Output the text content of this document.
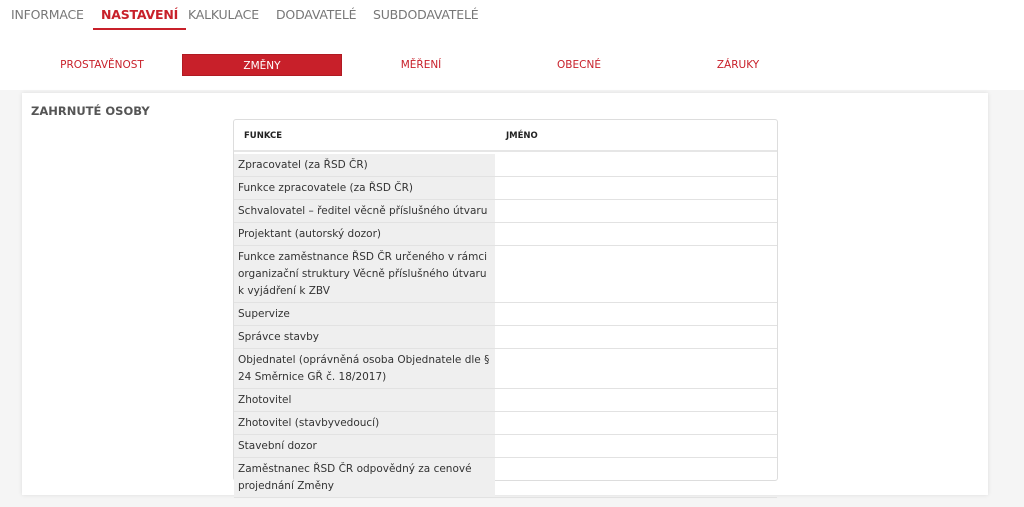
INFORMACE	NASTAVENÍ KALKULACE DODAVATELÉ SUBDODAVATELÉ
PROSTAVĚNOST	ZMĚNY	MĚŘENÍ	OBECNÉ	ZÁRUKY
ZAHRNUTÉ OSOBY
FUNKCE	JMÉNO
Zpracovatel (za ŘSD ČR)
Funkce zpracovatele (za ŘSD ČR)
Schvalovatel – ředitel věcně příslušného útvaru
Projektant (autorský dozor)
Funkce zaměstnance ŘSD ČR určeného v rámci organizační struktury Věcně příslušného útvaru k vyjádření k ZBV
Supervize
Správce stavby
Objednatel (oprávněná osoba Objednatele dle § 24 Směrnice GŘ č. 18/2017)
Zhotovitel
Zhotovitel (stavbyvedoucí)
Stavební dozor
Zaměstnanec ŘSD ČR odpovědný za cenové projednání Změny
